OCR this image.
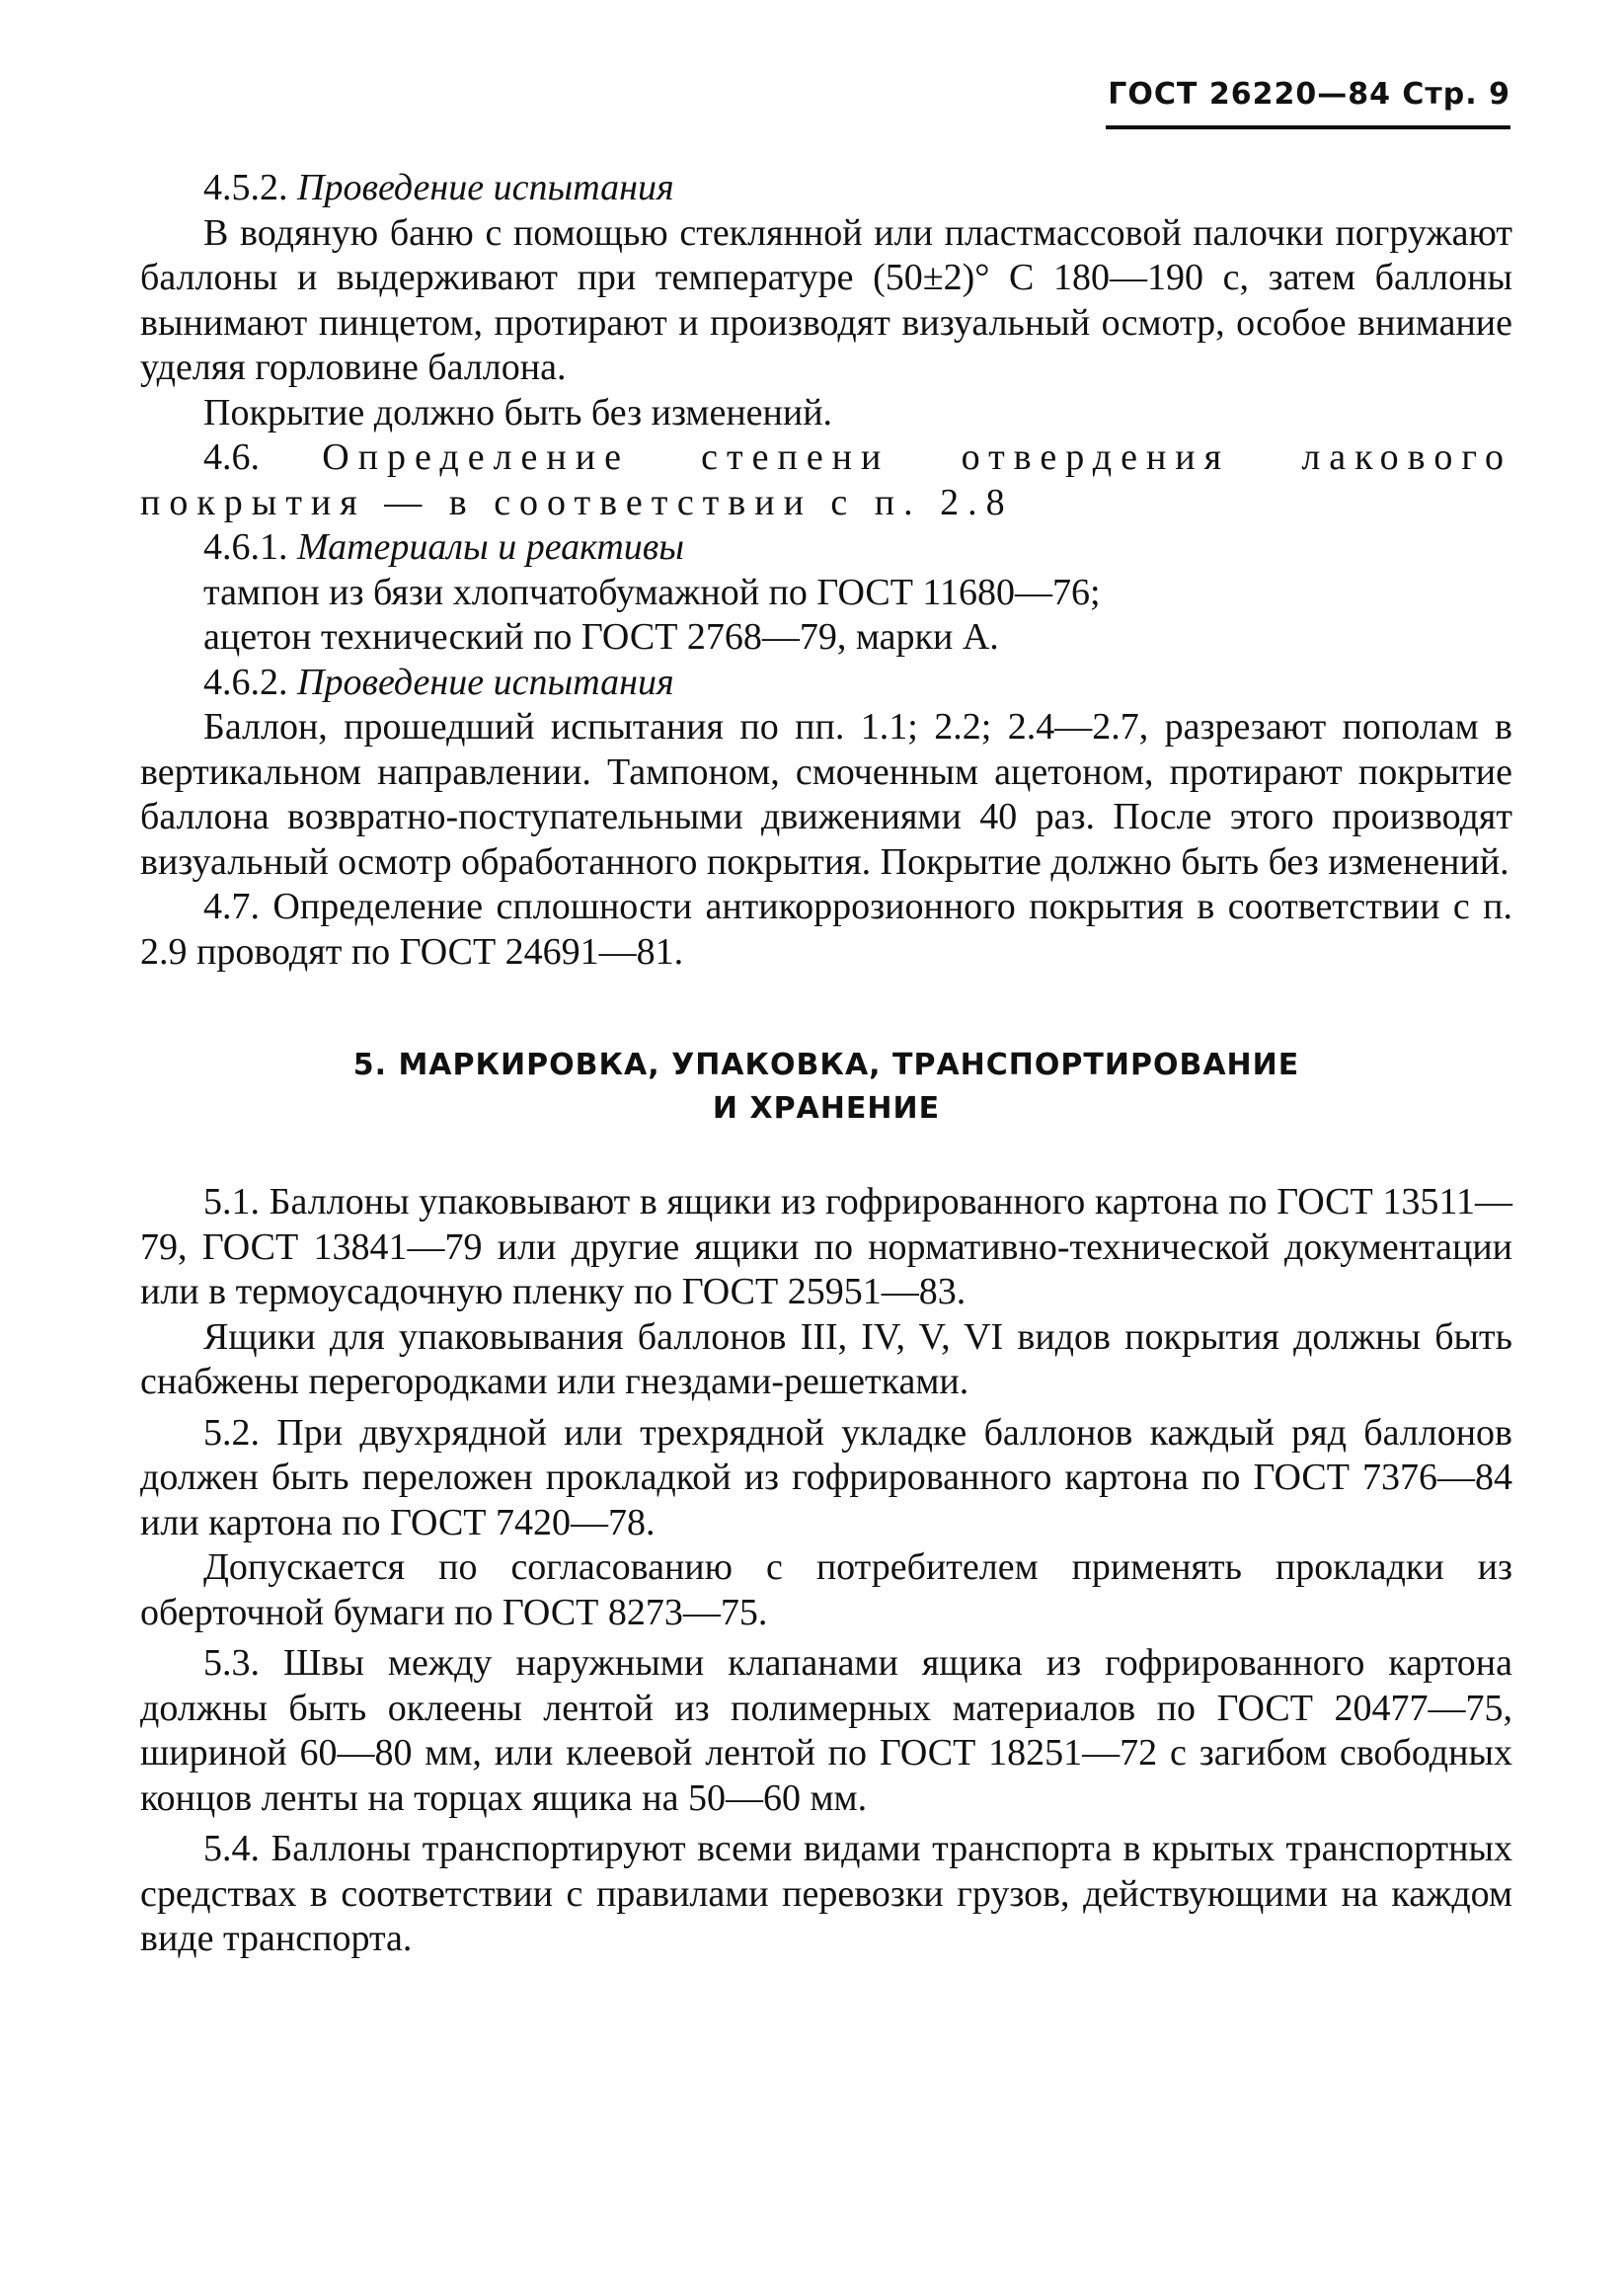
ГОСТ 26220—84 Стр. 9

4.5.2. Проведение испытания

В водяную баню с помощью стеклянной или пластмассовой палочки погружают баллоны и выдерживают при температуре (50±2)° С 180—190 с, затем баллоны вынимают пинцетом, протирают и производят визуальный осмотр, особое внимание уделяя горловине баллона.

Покрытие должно быть без изменений.

4.6. Определение степени отвердения лакового покрытия — в соответствии с п. 2.8

4.6.1. Материалы и реактивы

тампон из бязи хлопчатобумажной по ГОСТ 11680—76;

ацетон технический по ГОСТ 2768—79, марки А.

4.6.2. Проведение испытания

Баллон, прошедший испытания по пп. 1.1; 2.2; 2.4—2.7, разрезают пополам в вертикальном направлении. Тампоном, смоченным ацетоном, протирают покрытие баллона возвратно-поступательными движениями 40 раз. После этого производят визуальный осмотр обработанного покрытия. Покрытие должно быть без изменений.

4.7. Определение сплошности антикоррозионного покрытия в соответствии с п. 2.9 проводят по ГОСТ 24691—81.

5. МАРКИРОВКА, УПАКОВКА, ТРАНСПОРТИРОВАНИЕ
И ХРАНЕНИЕ

5.1. Баллоны упаковывают в ящики из гофрированного картона по ГОСТ 13511—79, ГОСТ 13841—79 или другие ящики по нормативно-технической документации или в термоусадочную пленку по ГОСТ 25951—83.

Ящики для упаковывания баллонов III, IV, V, VI видов покрытия должны быть снабжены перегородками или гнездами-решетками.

5.2. При двухрядной или трехрядной укладке баллонов каждый ряд баллонов должен быть переложен прокладкой из гофрированного картона по ГОСТ 7376—84 или картона по ГОСТ 7420—78.

Допускается по согласованию с потребителем применять прокладки из оберточной бумаги по ГОСТ 8273—75.

5.3. Швы между наружными клапанами ящика из гофрированного картона должны быть оклеены лентой из полимерных материалов по ГОСТ 20477—75, шириной 60—80 мм, или клеевой лентой по ГОСТ 18251—72 с загибом свободных концов ленты на торцах ящика на 50—60 мм.

5.4. Баллоны транспортируют всеми видами транспорта в крытых транспортных средствах в соответствии с правилами перевозки грузов, действующими на каждом виде транспорта.
